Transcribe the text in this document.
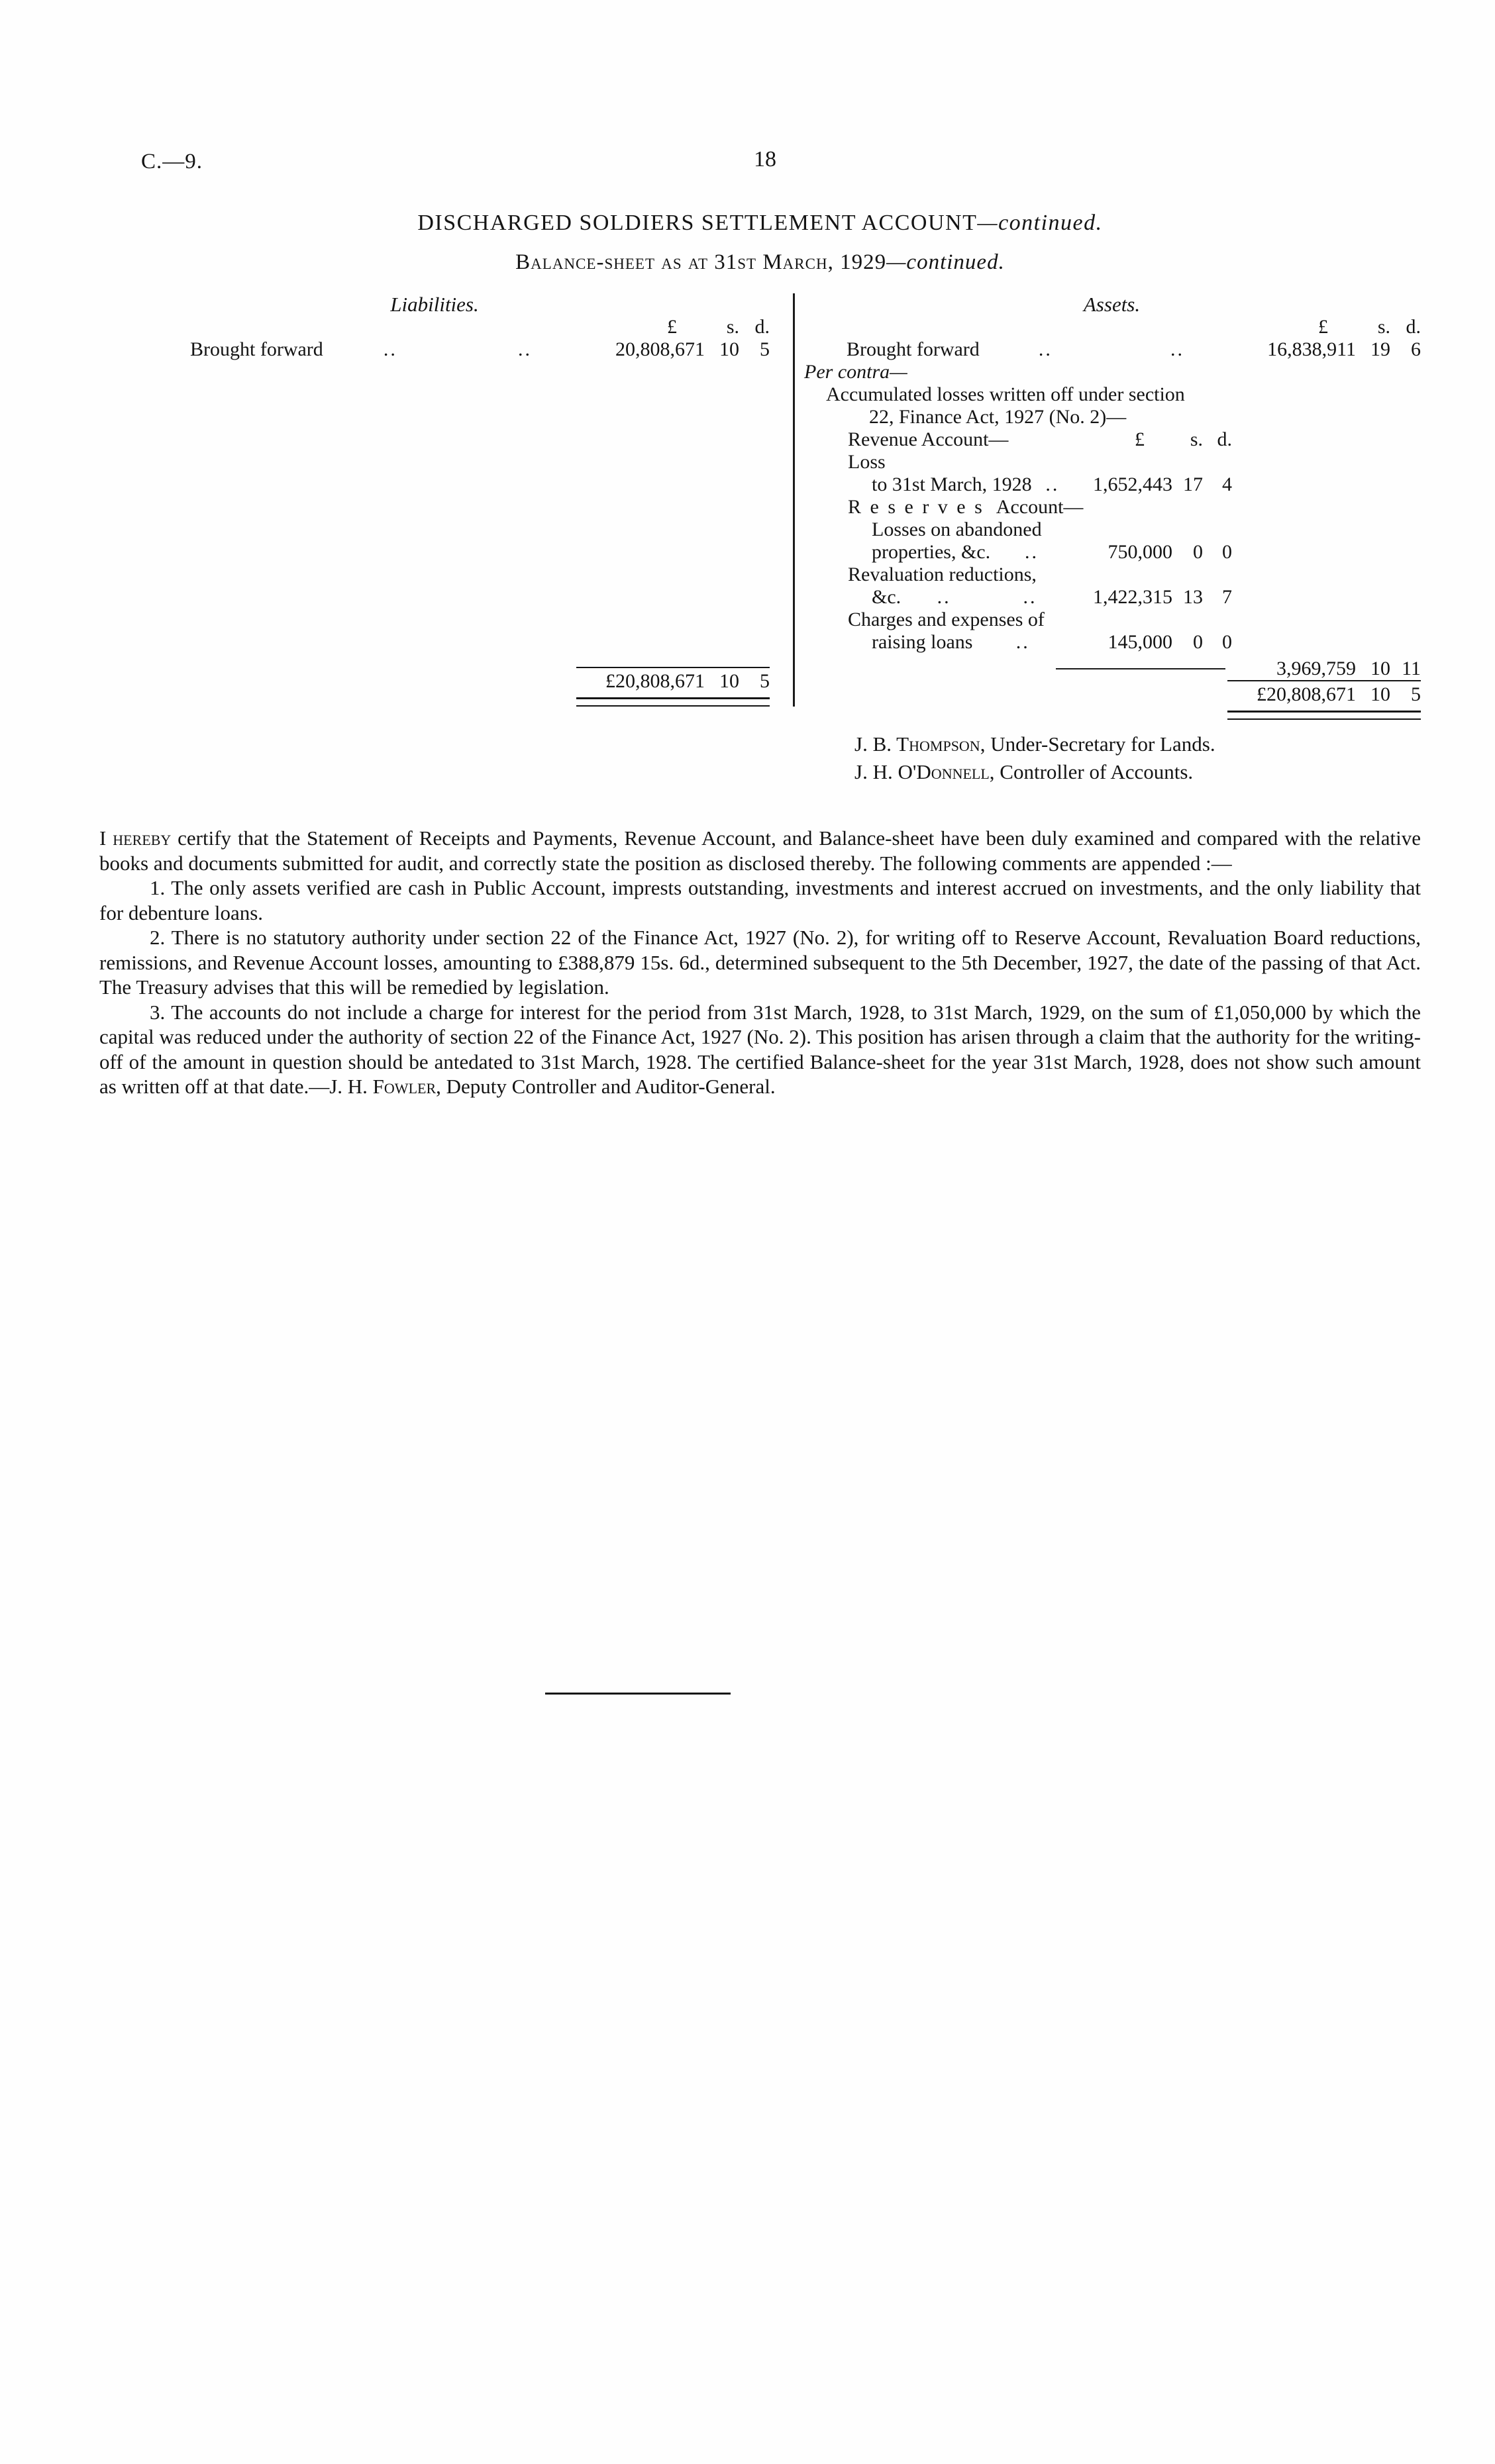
C.—9.	18
DISCHARGED SOLDIERS SETTLEMENT ACCOUNT—continued.
Balance-sheet as at 31st March, 1929—continued.
Liabilities.
£	s. d.
Brought forward	..	..	20,808,671 10	5
£20,808,671 10	5
Assets.
£	s. d.
Brought forward	..	..	16,838,911 19	6
Per contra—
Accumulated losses written off under section
22, Finance Act, 1927 (No. 2)—
Revenue Account—Loss
£	s. d.
to 31st March, 1928 ..	1,652,443 17 4
Reserves
Account—
Losses on abandoned
properties, &c.	..	750,000	0 0
Revaluation reductions,
&c.	..	..	1,422,315 13 7
Charges and expenses of
raising loans	..	145,000	0 0
3,969,759 10 11
£20,808,671 10	5
J. B. Thompson, Under-Secretary for Lands.
J. H. O'Donnell, Controller of Accounts.

I hereby certify that the Statement of Receipts and Payments, Revenue Account, and Balance-sheet have been duly examined and compared with the relative books and documents submitted for audit, and correctly state the position as disclosed thereby. The following comments are appended :—

1. The only assets verified are cash in Public Account, imprests outstanding, investments and interest accrued on investments, and the only liability that for debenture loans.

2. There is no statutory authority under section 22 of the Finance Act, 1927 (No. 2), for writing off to Reserve Account, Revaluation Board reductions, remissions, and Revenue Account losses, amounting to £388,879 15s. 6d., determined subsequent to the 5th December, 1927, the date of the passing of that Act. The Treasury advises that this will be remedied by legislation.

3. The accounts do not include a charge for interest for the period from 31st March, 1928, to 31st March, 1929, on the sum of £1,050,000 by which the capital was reduced under the authority of section 22 of the Finance Act, 1927 (No. 2). This position has arisen through a claim that the authority for the writing-off of the amount in question should be antedated to 31st March, 1928. The certified Balance-sheet for the year 31st March, 1928, does not show such amount as written off at that date.—J. H. Fowler, Deputy Controller and Auditor-General.
